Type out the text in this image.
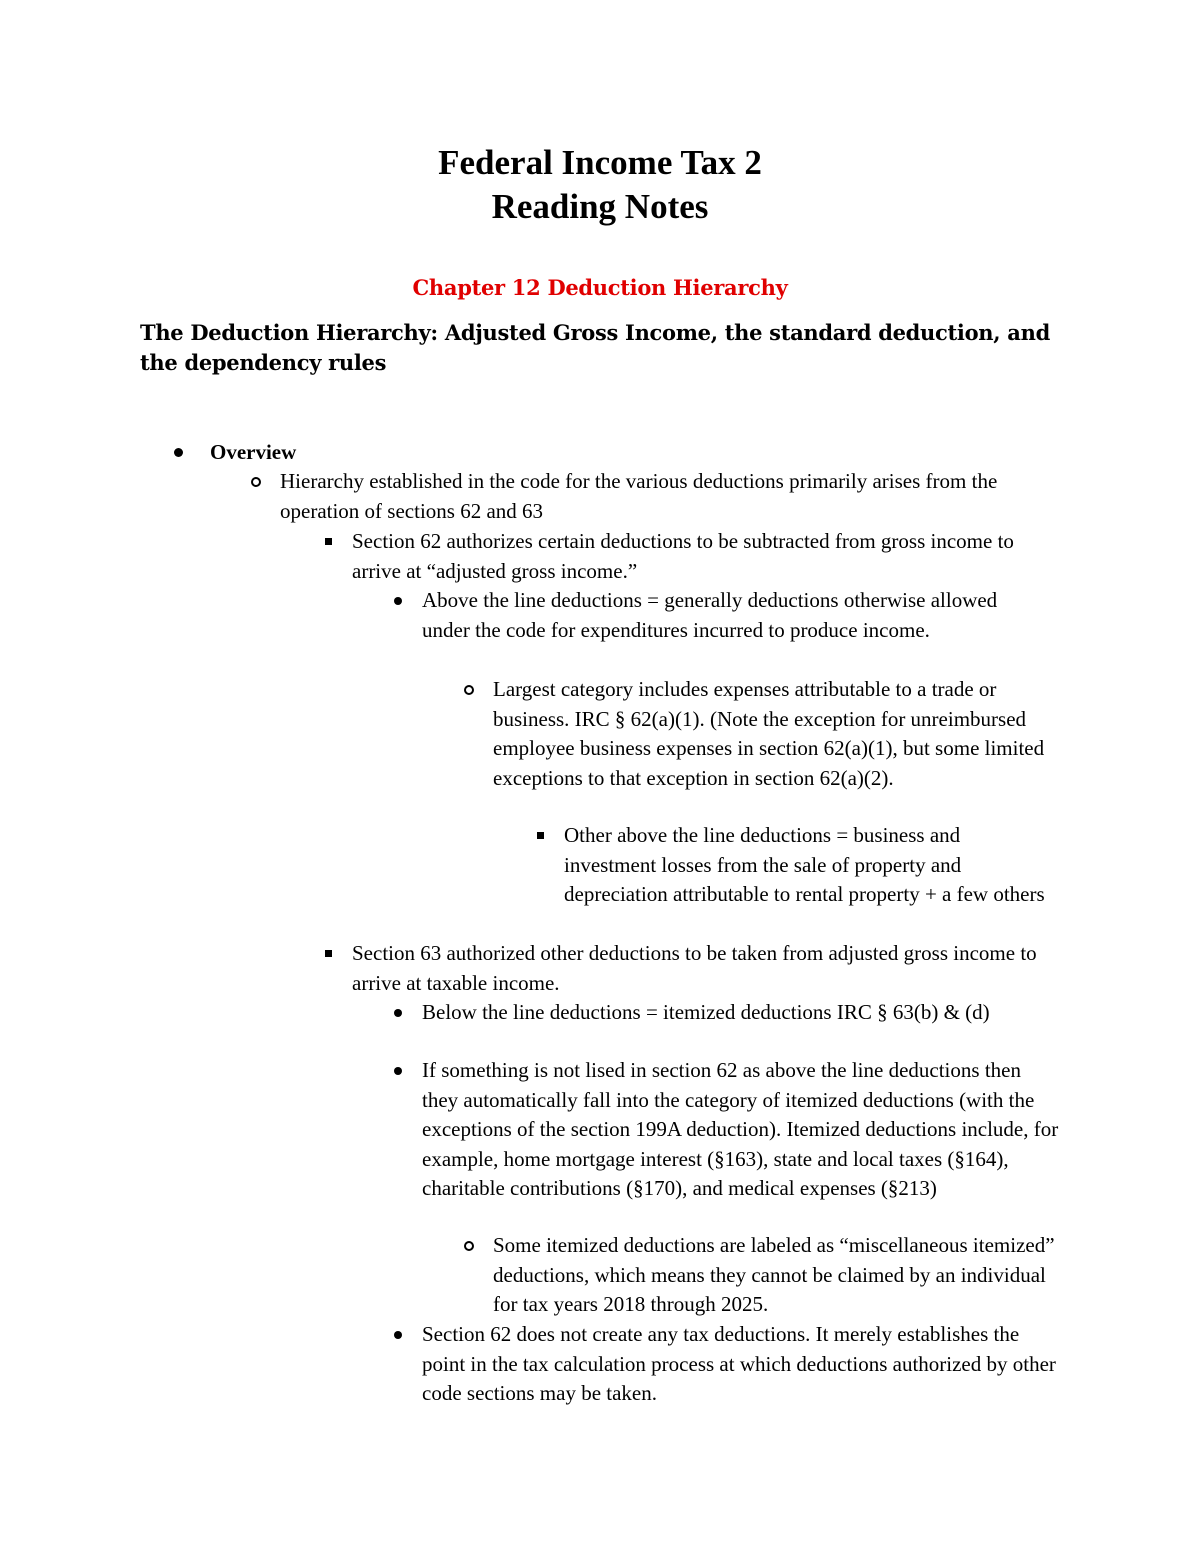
Federal Income Tax 2
Reading Notes
Chapter 12 Deduction Hierarchy
The Deduction Hierarchy: Adjusted Gross Income, the standard deduction, and the dependency rules
Overview
Hierarchy established in the code for the various deductions primarily arises from the operation of sections 62 and 63
Section 62 authorizes certain deductions to be subtracted from gross income to arrive at “adjusted gross income.”
Above the line deductions = generally deductions otherwise allowed under the code for expenditures incurred to produce income.
Largest category includes expenses attributable to a trade or business. IRC § 62(a)(1). (Note the exception for unreimbursed employee business expenses in section 62(a)(1), but some limited exceptions to that exception in section 62(a)(2).
Other above the line deductions = business and investment losses from the sale of property and depreciation attributable to rental property + a few others
Section 63 authorized other deductions to be taken from adjusted gross income to arrive at taxable income.
Below the line deductions = itemized deductions IRC § 63(b) & (d)
If something is not lised in section 62 as above the line deductions then they automatically fall into the category of itemized deductions (with the exceptions of the section 199A deduction). Itemized deductions include, for example, home mortgage interest (§163), state and local taxes (§164), charitable contributions (§170), and medical expenses (§213)
Some itemized deductions are labeled as “miscellaneous itemized” deductions, which means they cannot be claimed by an individual for tax years 2018 through 2025.
Section 62 does not create any tax deductions. It merely establishes the point in the tax calculation process at which deductions authorized by other code sections may be taken.
